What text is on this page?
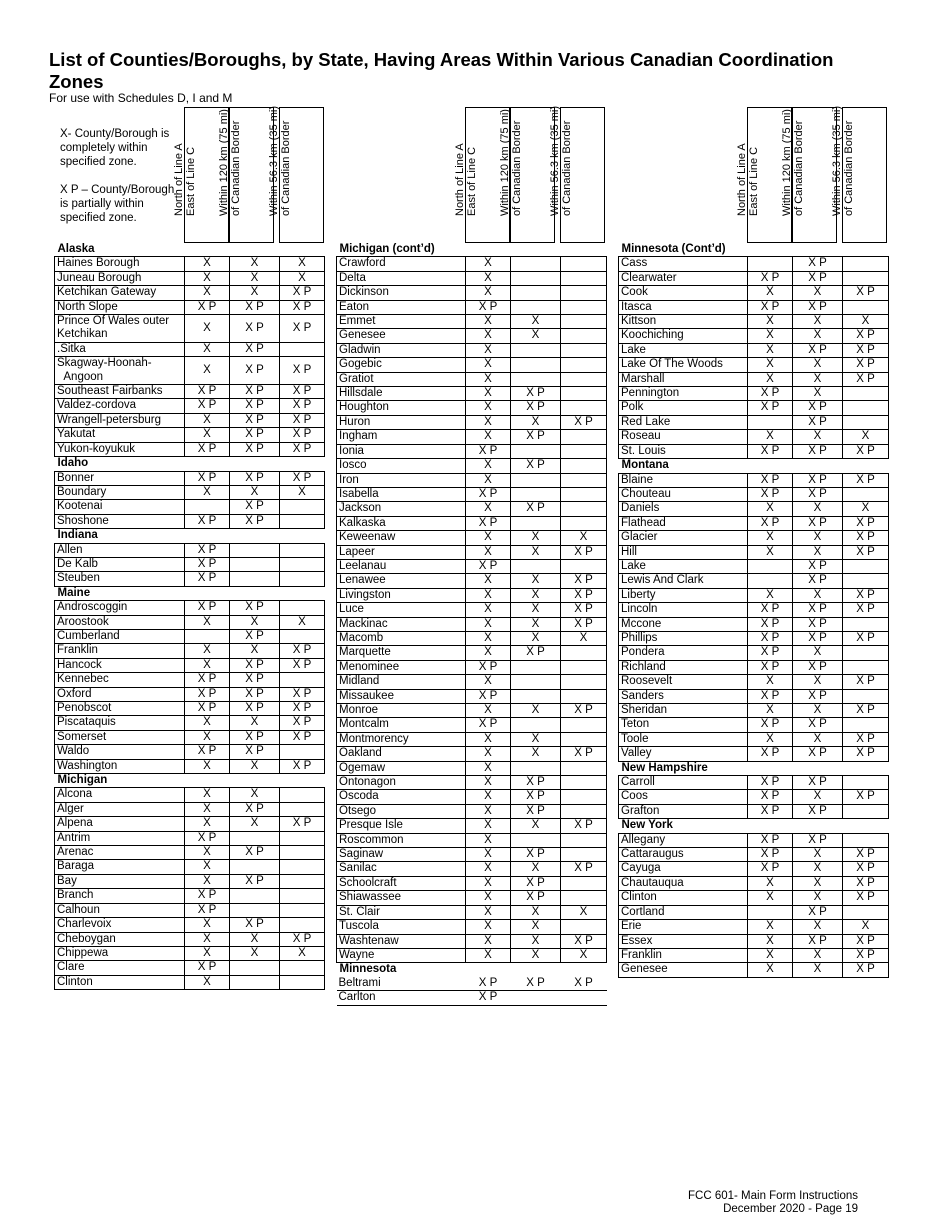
List of Counties/Boroughs, by State, Having Areas Within Various Canadian Coordination Zones
For use with Schedules D, I and M

X- County/Borough is completely within specified zone.

X P – County/Borough is partially within specified zone.

North of Line A
East of Line C
Within 120 km (75 mi)
of Canadian Border
Within 56.3 km (35 mi)
of Canadian Border
Alaska			
Haines Borough	X	X	X
Juneau Borough	X	X	X
Ketchikan Gateway	X	X	X P
North Slope	X P	X P	X P
Prince Of Wales outer Ketchikan	X	X P	X P
.Sitka	X	X P	
Skagway-Hoonah-
Angoon	X	X P	X P
Southeast Fairbanks	X P	X P	X P
Valdez-cordova	X P	X P	X P
Wrangell-petersburg	X	X P	X P
Yakutat	X	X P	X P
Yukon-koyukuk	X P	X P	X P
Idaho			
Bonner	X P	X P	X P
Boundary	X	X	X
Kootenai		X P	
Shoshone	X P	X P	
Indiana			
Allen	X P		
De Kalb	X P		
Steuben	X P		
Maine			
Androscoggin	X P	X P	
Aroostook	X	X	X
Cumberland		X P	
Franklin	X	X	X P
Hancock	X	X P	X P
Kennebec	X P	X P	
Oxford	X P	X P	X P
Penobscot	X P	X P	X P
Piscataquis	X	X	X P
Somerset	X	X P	X P
Waldo	X P	X P	
Washington	X	X	X P
Michigan			
Alcona	X	X	
Alger	X	X P	
Alpena	X	X	X P
Antrim	X P		
Arenac	X	X P	
Baraga	X		
Bay	X	X P	
Branch	X P		
Calhoun	X P		
Charlevoix	X	X P	
Cheboygan	X	X	X P
Chippewa	X	X	X
Clare	X P		
Clinton	X		
North of Line A
East of Line C
Within 120 km (75 mi)
of Canadian Border
Within 56.3 km (35 mi)
of Canadian Border
Michigan (cont’d)			
Crawford	X		
Delta	X		
Dickinson	X		
Eaton	X P		
Emmet	X	X	
Genesee	X	X	
Gladwin	X		
Gogebic	X		
Gratiot	X		
Hillsdale	X	X P	
Houghton	X	X P	
Huron	X	X	X P
Ingham	X	X P	
Ionia	X P		
Iosco	X	X P	
Iron	X		
Isabella	X P		
Jackson	X	X P	
Kalkaska	X P		
Keweenaw	X	X	X
Lapeer	X	X	X P
Leelanau	X P		
Lenawee	X	X	X P
Livingston	X	X	X P
Luce	X	X	X P
Mackinac	X	X	X P
Macomb	X	X	X
Marquette	X	X P	
Menominee	X P		
Midland	X		
Missaukee	X P		
Monroe	X	X	X P
Montcalm	X P		
Montmorency	X	X	
Oakland	X	X	X P
Ogemaw	X		
Ontonagon	X	X P	
Oscoda	X	X P	
Otsego	X	X P	
Presque Isle	X	X	X P
Roscommon	X		
Saginaw	X	X P	
Sanilac	X	X	X P
Schoolcraft	X	X P	
Shiawassee	X	X P	
St. Clair	X	X	X
Tuscola	X	X	
Washtenaw	X	X	X P
Wayne	X	X	X
Minnesota			
Beltrami	X P	X P	X P
Carlton	X P		
North of Line A
East of Line C
Within 120 km (75 mi)
of Canadian Border
Within 56.3 km (35 mi)
of Canadian Border
Minnesota (Cont’d)			
Cass		X P	
Clearwater	X P	X P	
Cook	X	X	X P
Itasca	X P	X P	
Kittson	X	X	X
Koochiching	X	X	X P
Lake	X	X P	X P
Lake Of The Woods	X	X	X P
Marshall	X	X	X P
Pennington	X P	X	
Polk	X P	X P	
Red Lake		X P	
Roseau	X	X	X
St. Louis	X P	X P	X P
Montana			
Blaine	X P	X P	X P
Chouteau	X P	X P	
Daniels	X	X	X
Flathead	X P	X P	X P
Glacier	X	X	X P
Hill	X	X	X P
Lake		X P	
Lewis And Clark		X P	
Liberty	X	X	X P
Lincoln	X P	X P	X P
Mccone	X P	X P	
Phillips	X P	X P	X P
Pondera	X P	X	
Richland	X P	X P	
Roosevelt	X	X	X P
Sanders	X P	X P	
Sheridan	X	X	X P
Teton	X P	X P	
Toole	X	X	X P
Valley	X P	X P	X P
New Hampshire			
Carroll	X P	X P	
Coos	X P	X	X P
Grafton	X P	X P	
New York			
Allegany	X P	X P	
Cattaraugus	X P	X	X P
Cayuga	X P	X	X P
Chautauqua	X	X	X P
Clinton	X	X	X P
Cortland		X P	
Erie	X	X	X
Essex	X	X P	X P
Franklin	X	X	X P
Genesee	X	X	X P
FCC 601- Main Form Instructions
December 2020 - Page 19
